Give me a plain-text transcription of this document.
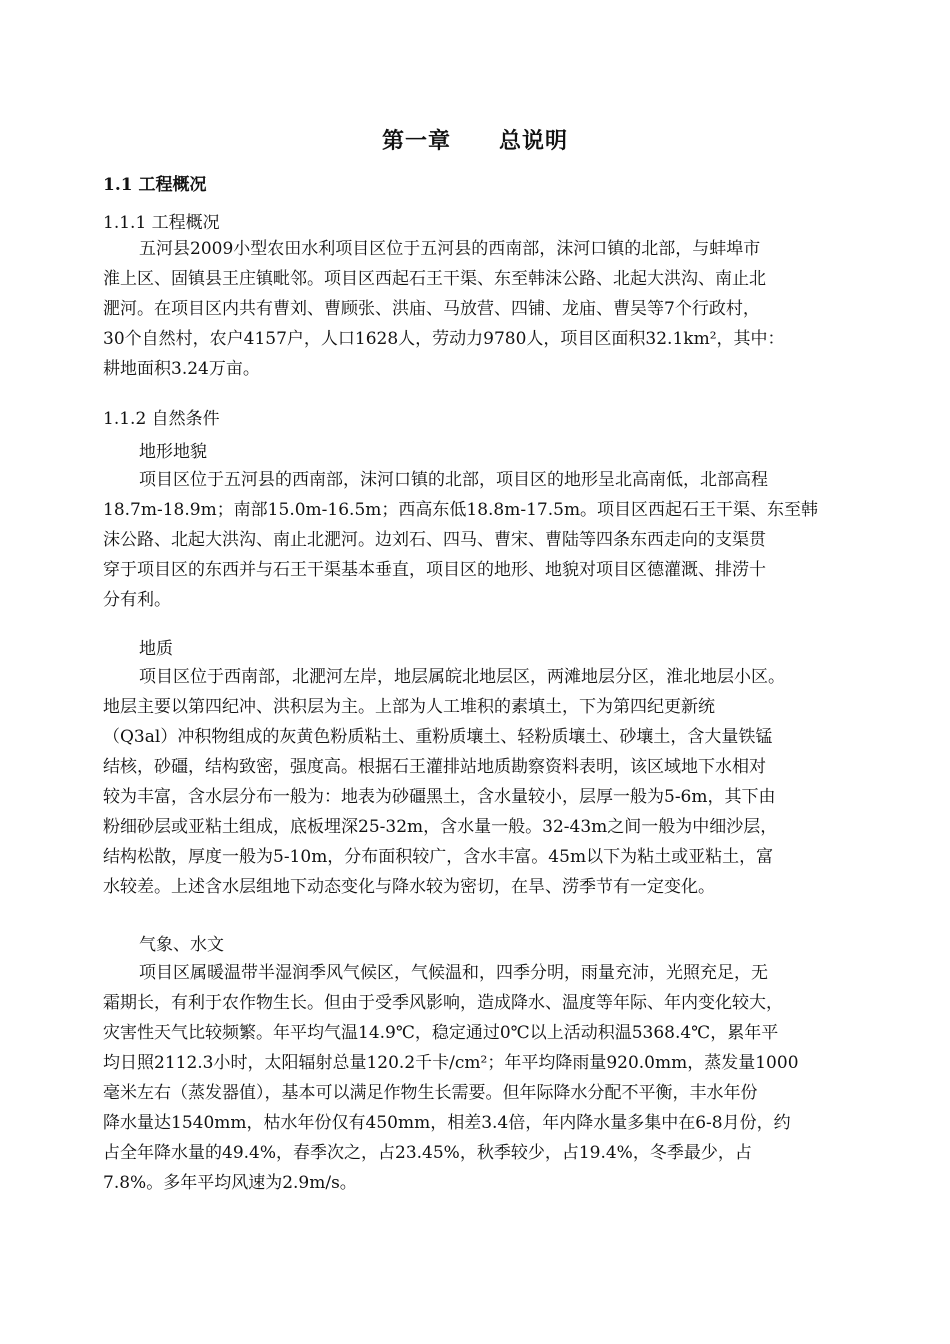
第一章 总说明
1.1 工程概况
1.1.1 工程概况
五河县2009小型农田水利项目区位于五河县的西南部，沫河口镇的北部，与蚌埠市
淮上区、固镇县王庄镇毗邻。项目区西起石王干渠、东至韩沫公路、北起大洪沟、南止北
淝河。在项目区内共有曹刘、曹顾张、洪庙、马放营、四铺、龙庙、曹吴等7个行政村，
30个自然村，农户4157户，人口1628人，劳动力9780人，项目区面积32.1km²，其中：
耕地面积3.24万亩。
1.1.2 自然条件
地形地貌
项目区位于五河县的西南部，沫河口镇的北部，项目区的地形呈北高南低，北部高程
18.7m-18.9m；南部15.0m-16.5m；西高东低18.8m-17.5m。项目区西起石王干渠、东至韩
沫公路、北起大洪沟、南止北淝河。边刘石、四马、曹宋、曹陆等四条东西走向的支渠贯
穿于项目区的东西并与石王干渠基本垂直，项目区的地形、地貌对项目区德灌溉、排涝十
分有利。
地质
项目区位于西南部，北淝河左岸，地层属皖北地层区，两滩地层分区，淮北地层小区。
地层主要以第四纪冲、洪积层为主。上部为人工堆积的素填土，下为第四纪更新统
（Q3al）冲积物组成的灰黄色粉质粘土、重粉质壤土、轻粉质壤土、砂壤土，含大量铁锰
结核，砂礓，结构致密，强度高。根据石王灌排站地质勘察资料表明，该区域地下水相对
较为丰富，含水层分布一般为：地表为砂礓黑土，含水量较小，层厚一般为5-6m，其下由
粉细砂层或亚粘土组成，底板埋深25-32m，含水量一般。32-43m之间一般为中细沙层，
结构松散，厚度一般为5-10m，分布面积较广，含水丰富。45m以下为粘土或亚粘土，富
水较差。上述含水层组地下动态变化与降水较为密切，在旱、涝季节有一定变化。
气象、水文
项目区属暖温带半湿润季风气候区，气候温和，四季分明，雨量充沛，光照充足，无
霜期长，有利于农作物生长。但由于受季风影响，造成降水、温度等年际、年内变化较大，
灾害性天气比较频繁。年平均气温14.9℃，稳定通过0℃以上活动积温5368.4℃，累年平
均日照2112.3小时，太阳辐射总量120.2千卡/cm²；年平均降雨量920.0mm，蒸发量1000
毫米左右（蒸发器值），基本可以满足作物生长需要。但年际降水分配不平衡，丰水年份
降水量达1540mm，枯水年份仅有450mm，相差3.4倍，年内降水量多集中在6-8月份，约
占全年降水量的49.4%，春季次之，占23.45%，秋季较少，占19.4%，冬季最少，占
7.8%。多年平均风速为2.9m/s。
